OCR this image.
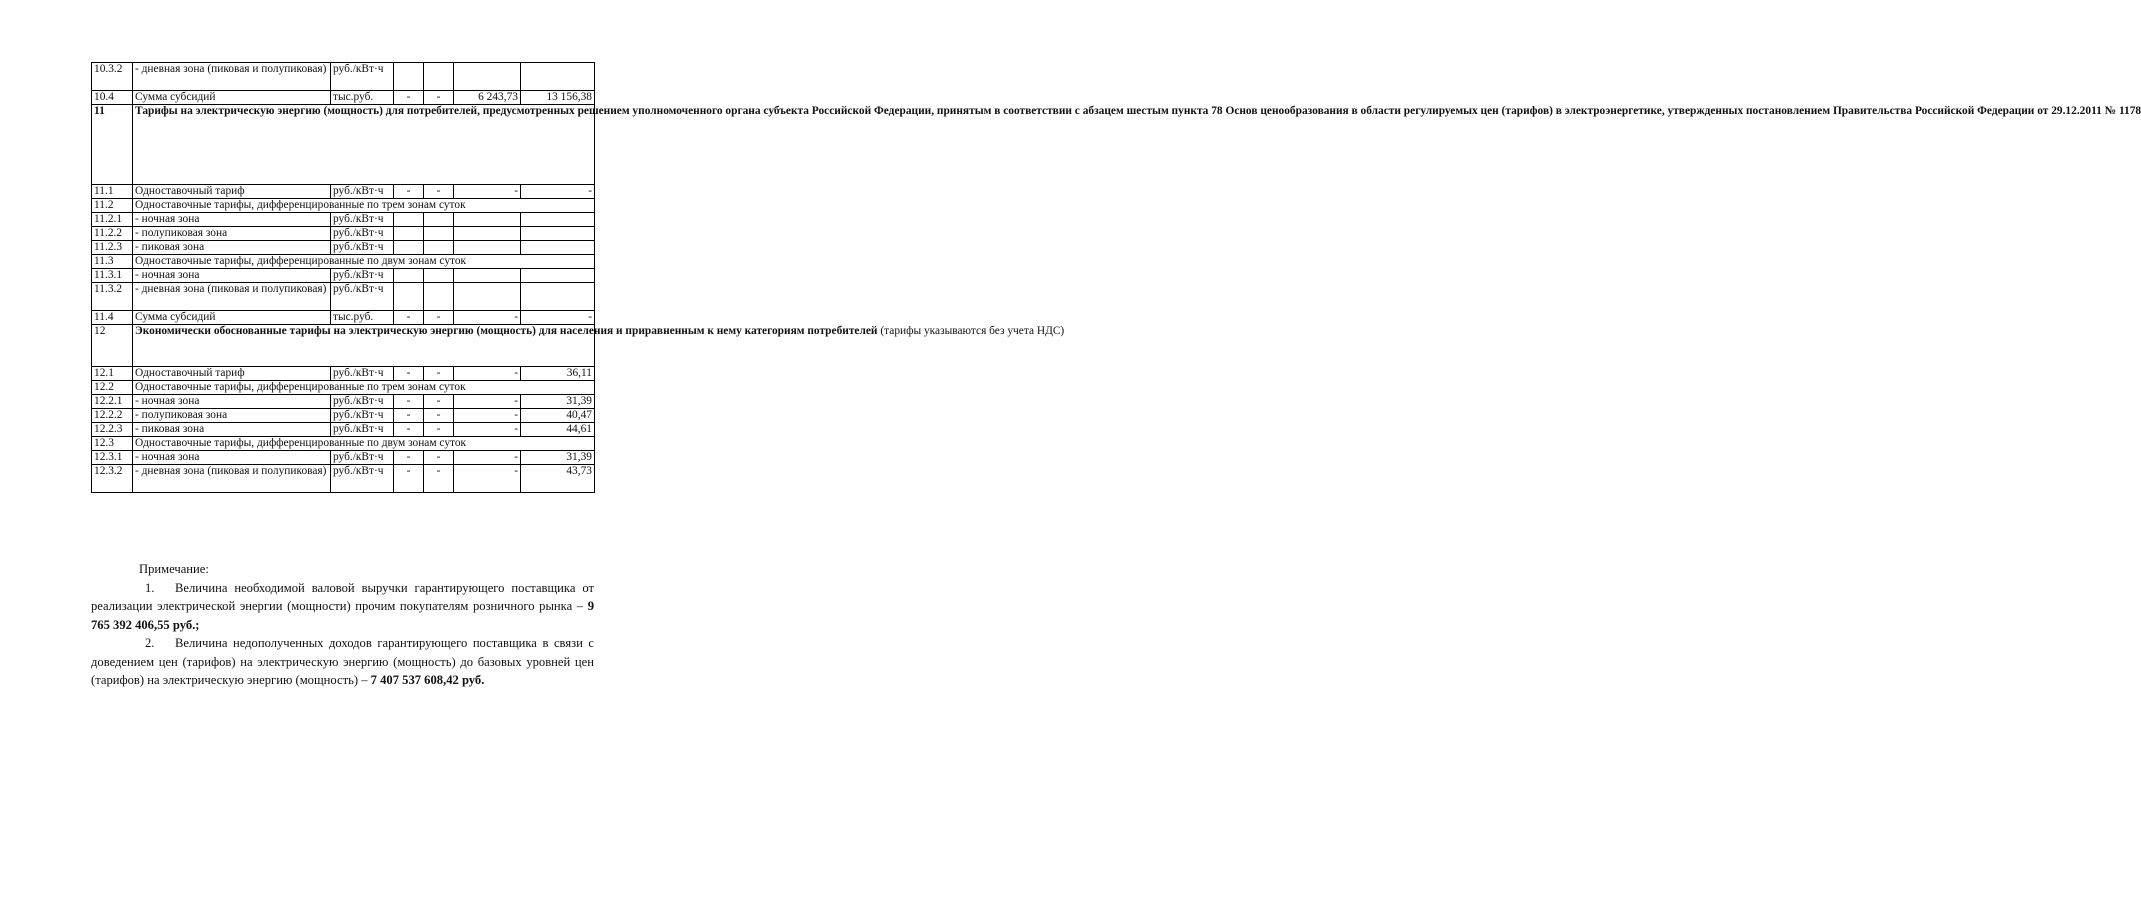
10.3.2	- дневная зона (пиковая и полупиковая)	руб./кВт·ч				
10.4	Сумма субсидий	тыс.руб.	-	-	6 243,73	13 156,38
11	Тарифы на электрическую энергию (мощность) для потребителей, предусмотренных решением уполномоченного органа субъекта Российской Федерации, принятым в соответствии с абзацем шестым пункта 78 Основ ценообразования в области регулируемых цен (тарифов) в электроэнергетике, утвержденных постановлением Правительства Российской Федерации от 29.12.2011 № 1178					
11.1	Одноставочный тариф	руб./кВт·ч	-	-	-	-
11.2	Одноставочные тарифы, дифференцированные по трем зонам суток					
11.2.1	- ночная зона	руб./кВт·ч				
11.2.2	- полупиковая зона	руб./кВт·ч				
11.2.3	- пиковая зона	руб./кВт·ч				
11.3	Одноставочные тарифы, дифференцированные по двум зонам суток					
11.3.1	- ночная зона	руб./кВт·ч				
11.3.2	- дневная зона (пиковая и полупиковая)	руб./кВт·ч				
11.4	Сумма субсидий	тыс.руб.	-	-	-	-
12	Экономически обоснованные тарифы на электрическую энергию (мощность) для населения и приравненным к нему категориям потребителей (тарифы указываются без учета НДС)					
12.1	Одноставочный тариф	руб./кВт·ч	-	-	-	36,11
12.2	Одноставочные тарифы, дифференцированные по трем зонам суток					
12.2.1	- ночная зона	руб./кВт·ч	-	-	-	31,39
12.2.2	- полупиковая зона	руб./кВт·ч	-	-	-	40,47
12.2.3	- пиковая зона	руб./кВт·ч	-	-	-	44,61
12.3	Одноставочные тарифы, дифференцированные по двум зонам суток					
12.3.1	- ночная зона	руб./кВт·ч	-	-	-	31,39
12.3.2	- дневная зона (пиковая и полупиковая)	руб./кВт·ч	-	-	-	43,73

Примечание:

1. Величина необходимой валовой выручки гарантирующего поставщика от реализации электрической энергии (мощности) прочим покупателям розничного рынка – 9 765 392 406,55 руб.;

2. Величина недополученных доходов гарантирующего поставщика в связи с доведением цен (тарифов) на электрическую энергию (мощность) до базовых уровней цен (тарифов) на электрическую энергию (мощность) – 7 407 537 608,42 руб.
